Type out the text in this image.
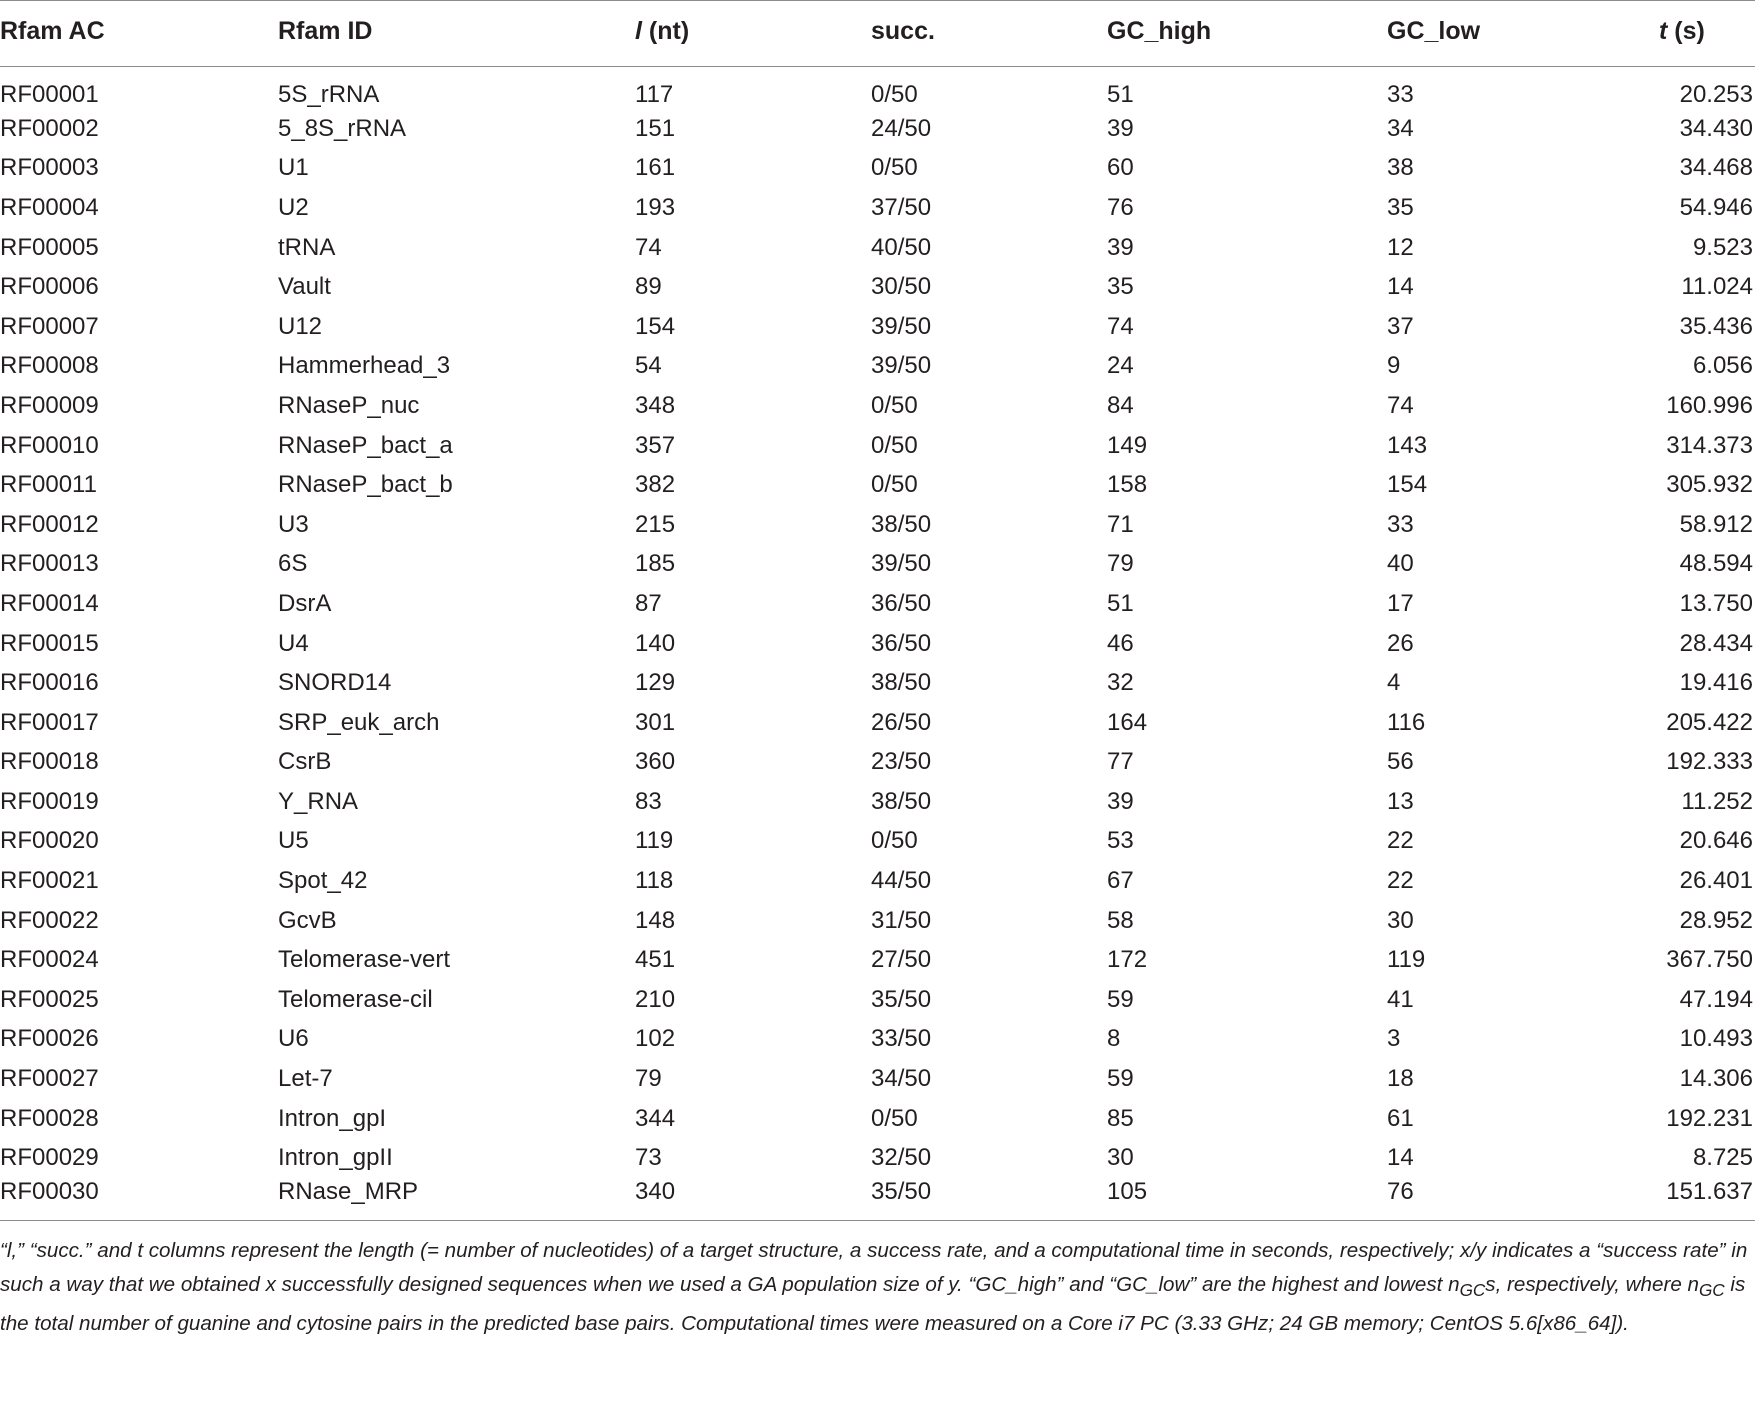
Rfam AC	Rfam ID	l (nt)	succ.	GC_high	GC_low	t (s)
RF00001	5S_rRNA	117	0/50	51	33	20.253
RF00002	5_8S_rRNA	151	24/50	39	34	34.430
RF00003	U1	161	0/50	60	38	34.468
RF00004	U2	193	37/50	76	35	54.946
RF00005	tRNA	74	40/50	39	12	9.523
RF00006	Vault	89	30/50	35	14	11.024
RF00007	U12	154	39/50	74	37	35.436
RF00008	Hammerhead_3	54	39/50	24	9	6.056
RF00009	RNaseP_nuc	348	0/50	84	74	160.996
RF00010	RNaseP_bact_a	357	0/50	149	143	314.373
RF00011	RNaseP_bact_b	382	0/50	158	154	305.932
RF00012	U3	215	38/50	71	33	58.912
RF00013	6S	185	39/50	79	40	48.594
RF00014	DsrA	87	36/50	51	17	13.750
RF00015	U4	140	36/50	46	26	28.434
RF00016	SNORD14	129	38/50	32	4	19.416
RF00017	SRP_euk_arch	301	26/50	164	116	205.422
RF00018	CsrB	360	23/50	77	56	192.333
RF00019	Y_RNA	83	38/50	39	13	11.252
RF00020	U5	119	0/50	53	22	20.646
RF00021	Spot_42	118	44/50	67	22	26.401
RF00022	GcvB	148	31/50	58	30	28.952
RF00024	Telomerase-vert	451	27/50	172	119	367.750
RF00025	Telomerase-cil	210	35/50	59	41	47.194
RF00026	U6	102	33/50	8	3	10.493
RF00027	Let-7	79	34/50	59	18	14.306
RF00028	Intron_gpI	344	0/50	85	61	192.231
RF00029	Intron_gpII	73	32/50	30	14	8.725
RF00030	RNase_MRP	340	35/50	105	76	151.637
“l,” “succ.” and t columns represent the length (= number of nucleotides) of a target structure, a success rate, and a computational time in seconds, respectively; x/y indicates a “success rate” in such a way that we obtained x successfully designed sequences when we used a GA population size of y. “GC_high” and “GC_low” are the highest and lowest $n_{GC}s$, respectively, where $n_{GC}$ is the total number of guanine and cytosine pairs in the predicted base pairs. Computational times were measured on a Core i7 PC (3.33 GHz; 24 GB memory; CentOS 5.6[x86_64]).
